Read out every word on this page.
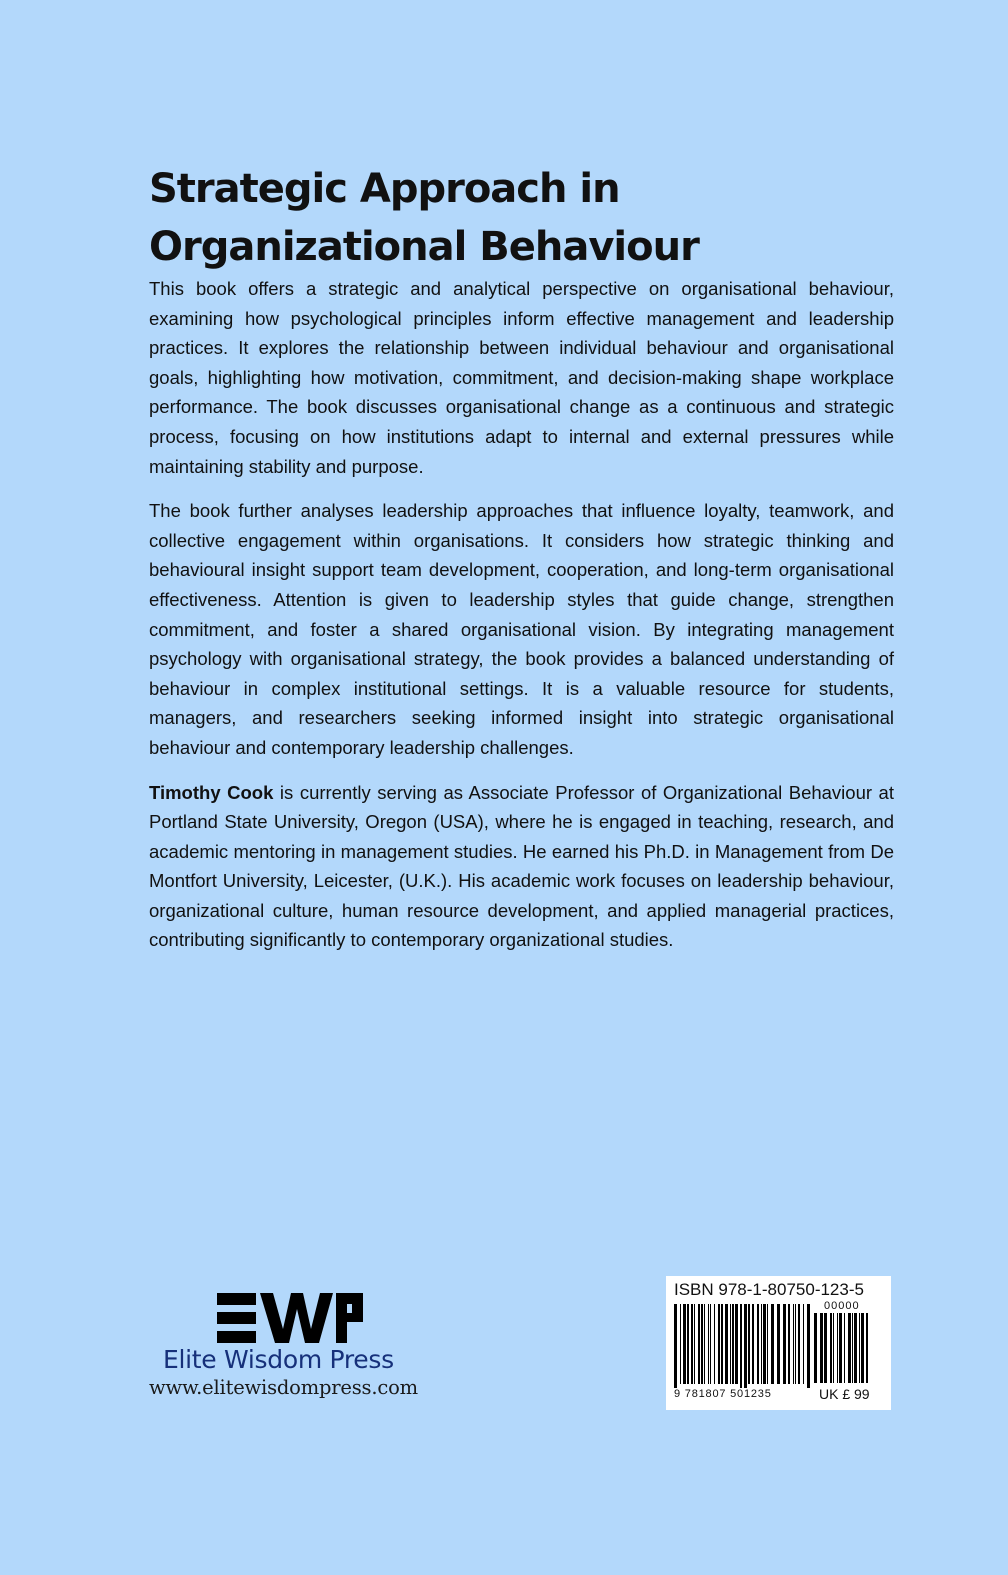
Strategic Approach in
Organizational Behaviour

This book offers a strategic and analytical perspective on organisational behaviour, examining how psychological principles inform effective management and leadership practices. It explores the relationship between individual behaviour and organisational goals, highlighting how motivation, commitment, and decision-making shape workplace performance. The book discusses organisational change as a continuous and strategic process, focusing on how institutions adapt to internal and external pressures while maintaining stability and purpose.

The book further analyses leadership approaches that influence loyalty, teamwork, and collective engagement within organisations. It considers how strategic thinking and behavioural insight support team development, cooperation, and long-term organisational effectiveness. Attention is given to leadership styles that guide change, strengthen commitment, and foster a shared organisational vision. By integrating management psychology with organisational strategy, the book provides a balanced understanding of behaviour in complex institutional settings. It is a valuable resource for students, managers, and researchers seeking informed insight into strategic organisational behaviour and contemporary leadership challenges.

Timothy Cook is currently serving as Associate Professor of Organizational Behaviour at Portland State University, Oregon (USA), where he is engaged in teaching, research, and academic mentoring in management studies. He earned his Ph.D. in Management from De Montfort University, Leicester, (U.K.). His academic work focuses on leadership behaviour, organizational culture, human resource development, and applied managerial practices, contributing significantly to contemporary organizational studies.

Elite Wisdom Press
www.elitewisdompress.com
ISBN 978-1-80750-123-5
00000
9 781807 501235	UK £ 99
